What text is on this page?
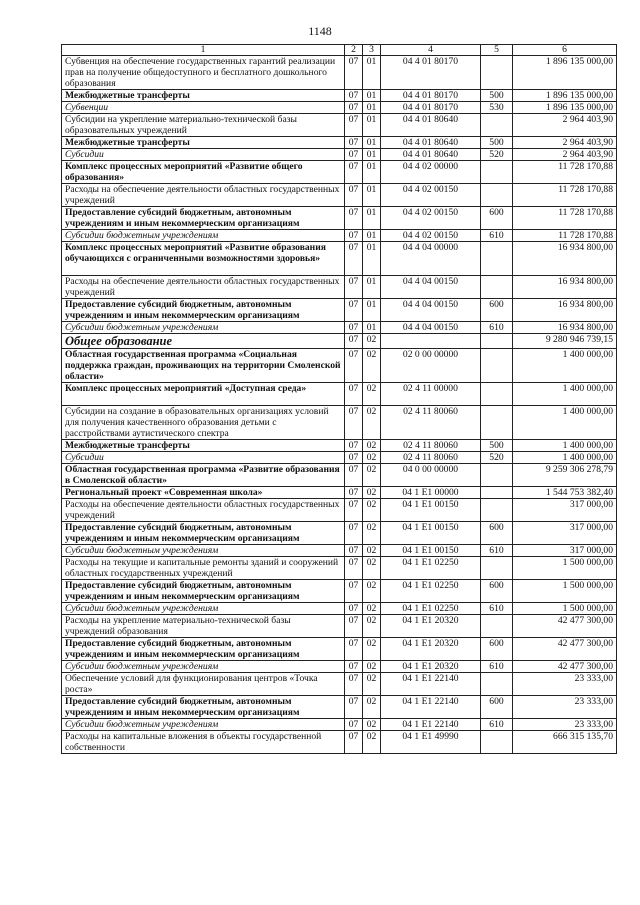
1148
1	2	3	4	5	6
Субвенция на обеспечение государственных гарантий реализации прав на получение общедоступного и бесплатного дошкольного образования	07	01	04 4 01 80170		1 896 135 000,00
Межбюджетные трансферты	07	01	04 4 01 80170	500	1 896 135 000,00
Субвенции	07	01	04 4 01 80170	530	1 896 135 000,00
Субсидии на укрепление материально-технической базы образовательных учреждений	07	01	04 4 01 80640		2 964 403,90
Межбюджетные трансферты	07	01	04 4 01 80640	500	2 964 403,90
Субсидии	07	01	04 4 01 80640	520	2 964 403,90
Комплекс процессных мероприятий «Развитие общего образования»	07	01	04 4 02 00000		11 728 170,88
Расходы на обеспечение деятельности областных государственных учреждений	07	01	04 4 02 00150		11 728 170,88
Предоставление субсидий бюджетным, автономным учреждениям и иным некоммерческим организациям	07	01	04 4 02 00150	600	11 728 170,88
Субсидии бюджетным учреждениям	07	01	04 4 02 00150	610	11 728 170,88
Комплекс процессных мероприятий «Развитие образования обучающихся с ограниченными возможностями здоровья»	07	01	04 4 04 00000		16 934 800,00
Расходы на обеспечение деятельности областных государственных учреждений	07	01	04 4 04 00150		16 934 800,00
Предоставление субсидий бюджетным, автономным учреждениям и иным некоммерческим организациям	07	01	04 4 04 00150	600	16 934 800,00
Субсидии бюджетным учреждениям	07	01	04 4 04 00150	610	16 934 800,00
Общее образование	07	02			9 280 946 739,15
Областная государственная программа «Социальная поддержка граждан, проживающих на территории Смоленской области»	07	02	02 0 00 00000		1 400 000,00
Комплекс процессных мероприятий «Доступная среда»	07	02	02 4 11 00000		1 400 000,00
Субсидии на создание в образовательных организациях условий для получения качественного образования детьми с расстройствами аутистического спектра	07	02	02 4 11 80060		1 400 000,00
Межбюджетные трансферты	07	02	02 4 11 80060	500	1 400 000,00
Субсидии	07	02	02 4 11 80060	520	1 400 000,00
Областная государственная программа «Развитие образования в Смоленской области»	07	02	04 0 00 00000		9 259 306 278,79
Региональный проект «Современная школа»	07	02	04 1 E1 00000		1 544 753 382,40
Расходы на обеспечение деятельности областных государственных учреждений	07	02	04 1 E1 00150		317 000,00
Предоставление субсидий бюджетным, автономным учреждениям и иным некоммерческим организациям	07	02	04 1 E1 00150	600	317 000,00
Субсидии бюджетным учреждениям	07	02	04 1 E1 00150	610	317 000,00
Расходы на текущие и капитальные ремонты зданий и сооружений областных государственных учреждений	07	02	04 1 E1 02250		1 500 000,00
Предоставление субсидий бюджетным, автономным учреждениям и иным некоммерческим организациям	07	02	04 1 E1 02250	600	1 500 000,00
Субсидии бюджетным учреждениям	07	02	04 1 E1 02250	610	1 500 000,00
Расходы на укрепление материально-технической базы учреждений образования	07	02	04 1 E1 20320		42 477 300,00
Предоставление субсидий бюджетным, автономным учреждениям и иным некоммерческим организациям	07	02	04 1 E1 20320	600	42 477 300,00
Субсидии бюджетным учреждениям	07	02	04 1 E1 20320	610	42 477 300,00
Обеспечение условий для функционирования центров «Точка роста»	07	02	04 1 E1 22140		23 333,00
Предоставление субсидий бюджетным, автономным учреждениям и иным некоммерческим организациям	07	02	04 1 E1 22140	600	23 333,00
Субсидии бюджетным учреждениям	07	02	04 1 E1 22140	610	23 333,00
Расходы на капитальные вложения в объекты государственной собственности	07	02	04 1 E1 49990		666 315 135,70
